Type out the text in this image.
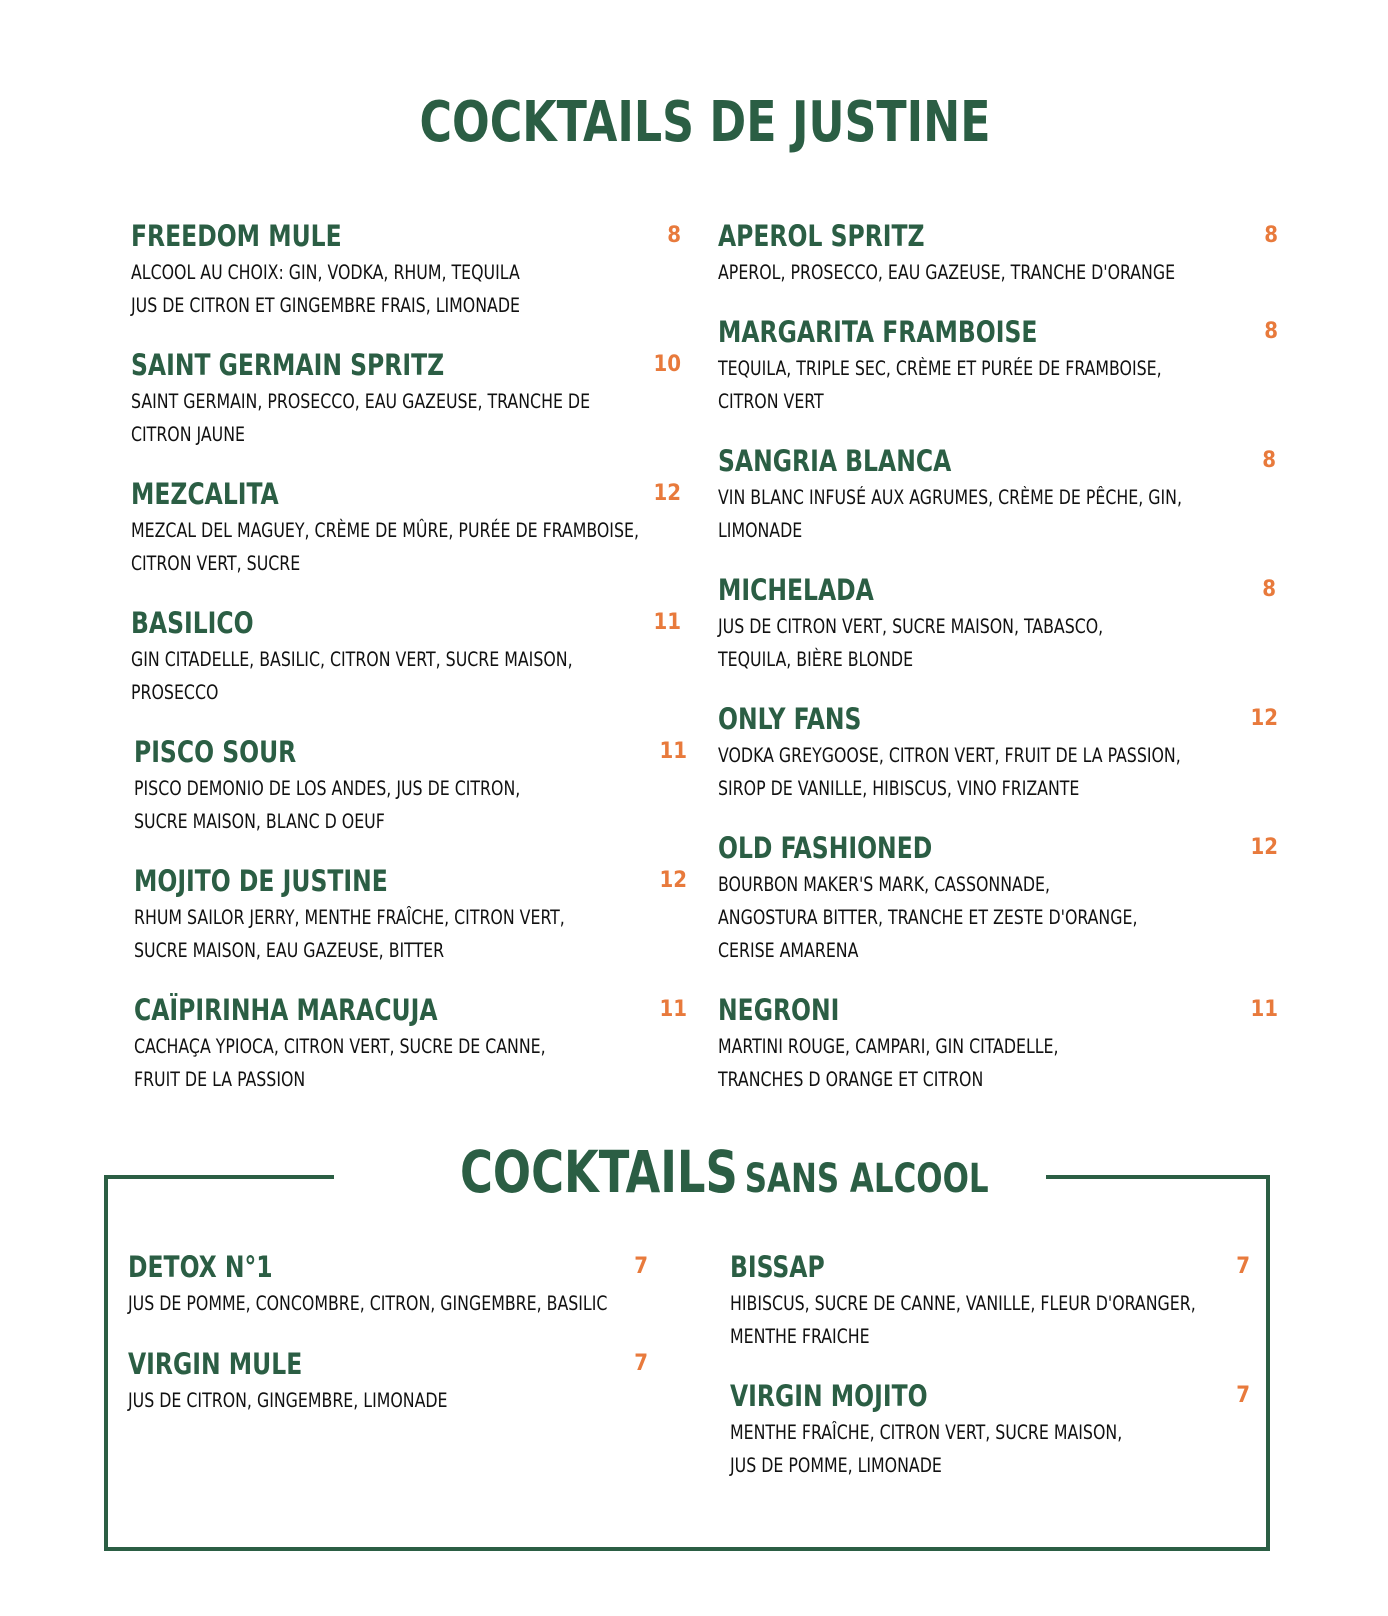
COCKTAILS DE JUSTINE
FREEDOM MULE	8
ALCOOL AU CHOIX: GIN, VODKA, RHUM, TEQUILA
JUS DE CITRON ET GINGEMBRE FRAIS, LIMONADE
SAINT GERMAIN SPRITZ	10
SAINT GERMAIN, PROSECCO, EAU GAZEUSE, TRANCHE DE
CITRON JAUNE
MEZCALITA	12
MEZCAL DEL MAGUEY, CRÈME DE MÛRE, PURÉE DE FRAMBOISE,
CITRON VERT, SUCRE
BASILICO	11
GIN CITADELLE, BASILIC, CITRON VERT, SUCRE MAISON,
PROSECCO
PISCO SOUR	11
PISCO DEMONIO DE LOS ANDES, JUS DE CITRON,
SUCRE MAISON, BLANC D OEUF
MOJITO DE JUSTINE	12
RHUM SAILOR JERRY, MENTHE FRAÎCHE, CITRON VERT,
SUCRE MAISON, EAU GAZEUSE, BITTER
CAÏPIRINHA MARACUJA	11
CACHAÇA YPIOCA, CITRON VERT, SUCRE DE CANNE,
FRUIT DE LA PASSION
APEROL SPRITZ	8
APEROL, PROSECCO, EAU GAZEUSE, TRANCHE D'ORANGE
MARGARITA FRAMBOISE	8
TEQUILA, TRIPLE SEC, CRÈME ET PURÉE DE FRAMBOISE,
CITRON VERT
SANGRIA BLANCA	8
VIN BLANC INFUSÉ AUX AGRUMES, CRÈME DE PÊCHE, GIN,
LIMONADE
MICHELADA	8
JUS DE CITRON VERT, SUCRE MAISON, TABASCO,
TEQUILA, BIÈRE BLONDE
ONLY FANS	12
VODKA GREYGOOSE, CITRON VERT, FRUIT DE LA PASSION,
SIROP DE VANILLE, HIBISCUS, VINO FRIZANTE
OLD FASHIONED	12
BOURBON MAKER'S MARK, CASSONNADE,
ANGOSTURA BITTER, TRANCHE ET ZESTE D'ORANGE,
CERISE AMARENA
NEGRONI	11
MARTINI ROUGE, CAMPARI, GIN CITADELLE,
TRANCHES D ORANGE ET CITRON
COCKTAILS SANS ALCOOL
DETOX N°1	7
JUS DE POMME, CONCOMBRE, CITRON, GINGEMBRE, BASILIC
VIRGIN MULE	7
JUS DE CITRON, GINGEMBRE, LIMONADE
BISSAP	7
HIBISCUS, SUCRE DE CANNE, VANILLE, FLEUR D'ORANGER,
MENTHE FRAICHE
VIRGIN MOJITO	7
MENTHE FRAÎCHE, CITRON VERT, SUCRE MAISON,
JUS DE POMME, LIMONADE
